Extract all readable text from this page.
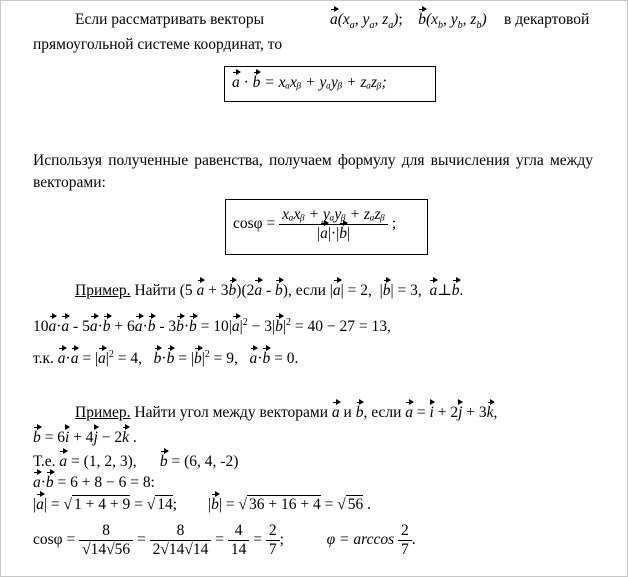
Если рассматривать векторы	$a(x_a$, $y_a$, $z_a$); $b(x_b$, $y_b$, $z_b$) в декартовой
прямоугольной системе координат, то
a · b = xₐxᵦ + yₐyᵦ + zₐzᵦ;
Используя полученные равенства, получаем формулу для вычисления угла между векторами:
$\cos\varphi = \frac{\text{xₐxᵦ + yₐyᵦ + zₐzᵦ}}{|a|\cdot|b|}$ ;
Пример. Найти (5 a + 3b)(2a - b), если |a| = 2,  |b| = 3, a⊥b.
$10a\cdot a - 5a\cdot b + 6a\cdot b - 3b\cdot b = 10|a|^2 - 3|b|^2 = 40 - 27 = 13$,
т.к. $a\cdot a = |a|^2 = 4$, $b\cdot b = |b|^2 = 9$, a·b = 0.
Пример. Найти угол между векторами a и b, если a = i + 2j + 3k,
b = 6i + 4j − 2k .
Т.е. a = (1, 2, 3), b = (6, 4, -2)
a·b = 6 + 8 − 6 = 8:
|a| = √ 1 + 4 + 9 = √ 14;        |b| = √ 36 + 16 + 4 = √ 56 .
$\cos\varphi = \frac{8}{√14√56} = \frac{8}{2√14√14} = \frac{4}{14} = \frac{2}{7}$ ;           $\varphi = \arccos \frac{2}{7}$ .
